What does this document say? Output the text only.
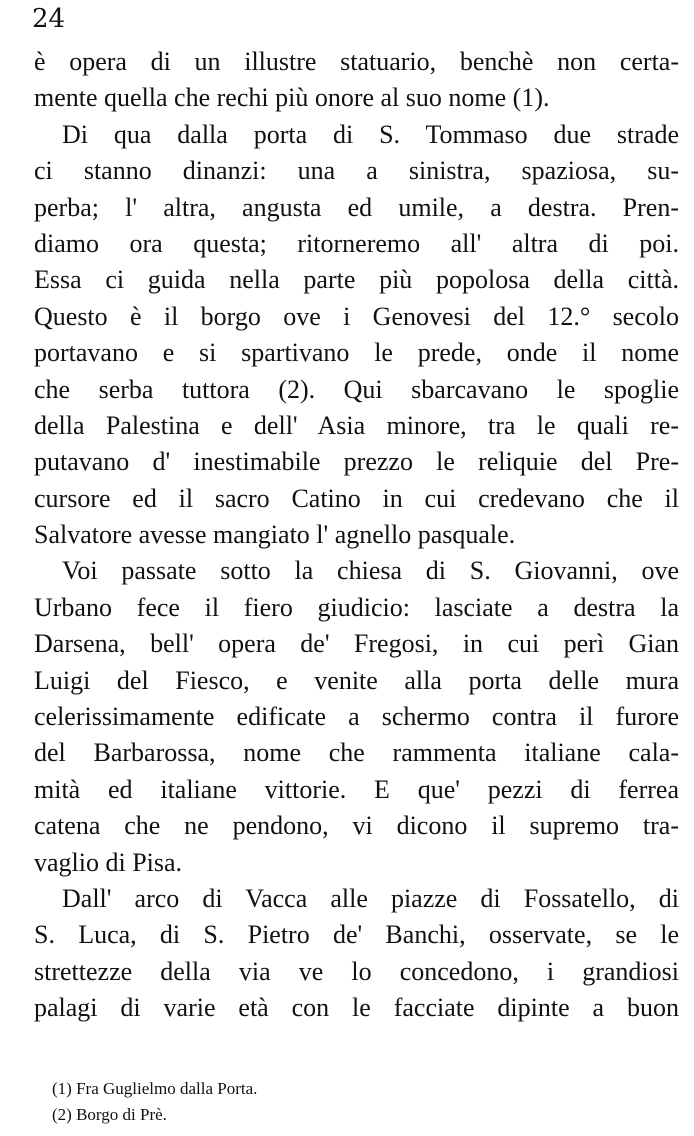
24
è opera di un illustre statuario, benchè non certa-
mente quella che rechi più onore al suo nome (1).
Di qua dalla porta di S. Tommaso due strade
ci stanno dinanzi: una a sinistra, spaziosa, su-
perba; l' altra, angusta ed umile, a destra. Pren-
diamo ora questa; ritorneremo all' altra di poi.
Essa ci guida nella parte più popolosa della città.
Questo è il borgo ove i Genovesi del 12.° secolo
portavano e si spartivano le prede, onde il nome
che serba tuttora (2). Qui sbarcavano le spoglie
della Palestina e dell' Asia minore, tra le quali re-
putavano d' inestimabile prezzo le reliquie del Pre-
cursore ed il sacro Catino in cui credevano che il
Salvatore avesse mangiato l' agnello pasquale.
Voi passate sotto la chiesa di S. Giovanni, ove
Urbano fece il fiero giudicio: lasciate a destra la
Darsena, bell' opera de' Fregosi, in cui perì Gian
Luigi del Fiesco, e venite alla porta delle mura
celerissimamente edificate a schermo contra il furore
del Barbarossa, nome che rammenta italiane cala-
mità ed italiane vittorie. E que' pezzi di ferrea
catena che ne pendono, vi dicono il supremo tra-
vaglio di Pisa.
Dall' arco di Vacca alle piazze di Fossatello, di
S. Luca, di S. Pietro de' Banchi, osservate, se le
strettezze della via ve lo concedono, i grandiosi
palagi di varie età con le facciate dipinte a buon
(1) Fra Guglielmo dalla Porta.
(2) Borgo di Prè.
